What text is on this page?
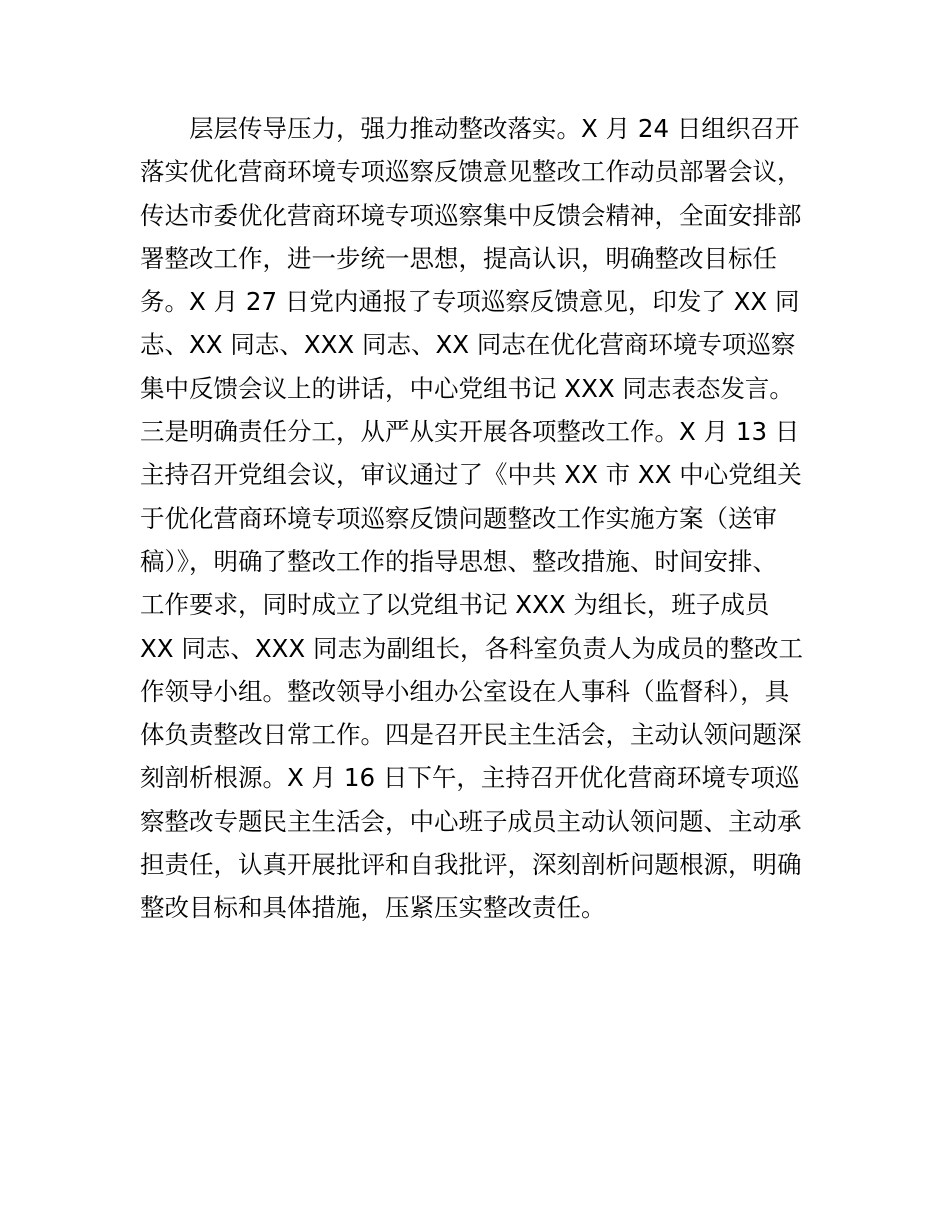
层层传导压力，强力推动整改落实。X 月 24 日组织召开
落实优化营商环境专项巡察反馈意见整改工作动员部署会议，
传达市委优化营商环境专项巡察集中反馈会精神，全面安排部
署整改工作，进一步统一思想，提高认识，明确整改目标任
务。X 月 27 日党内通报了专项巡察反馈意见，印发了 XX 同
志、XX 同志、XXX 同志、XX 同志在优化营商环境专项巡察
集中反馈会议上的讲话，中心党组书记 XXX 同志表态发言。
三是明确责任分工，从严从实开展各项整改工作。X 月 13 日
主持召开党组会议，审议通过了《中共 XX 市 XX 中心党组关
于优化营商环境专项巡察反馈问题整改工作实施方案（送审
稿）》，明确了整改工作的指导思想、整改措施、时间安排、
工作要求，同时成立了以党组书记 XXX 为组长，班子成员
XX 同志、XXX 同志为副组长，各科室负责人为成员的整改工
作领导小组。整改领导小组办公室设在人事科（监督科），具
体负责整改日常工作。四是召开民主生活会，主动认领问题深
刻剖析根源。X 月 16 日下午，主持召开优化营商环境专项巡
察整改专题民主生活会，中心班子成员主动认领问题、主动承
担责任，认真开展批评和自我批评，深刻剖析问题根源，明确
整改目标和具体措施，压紧压实整改责任。
